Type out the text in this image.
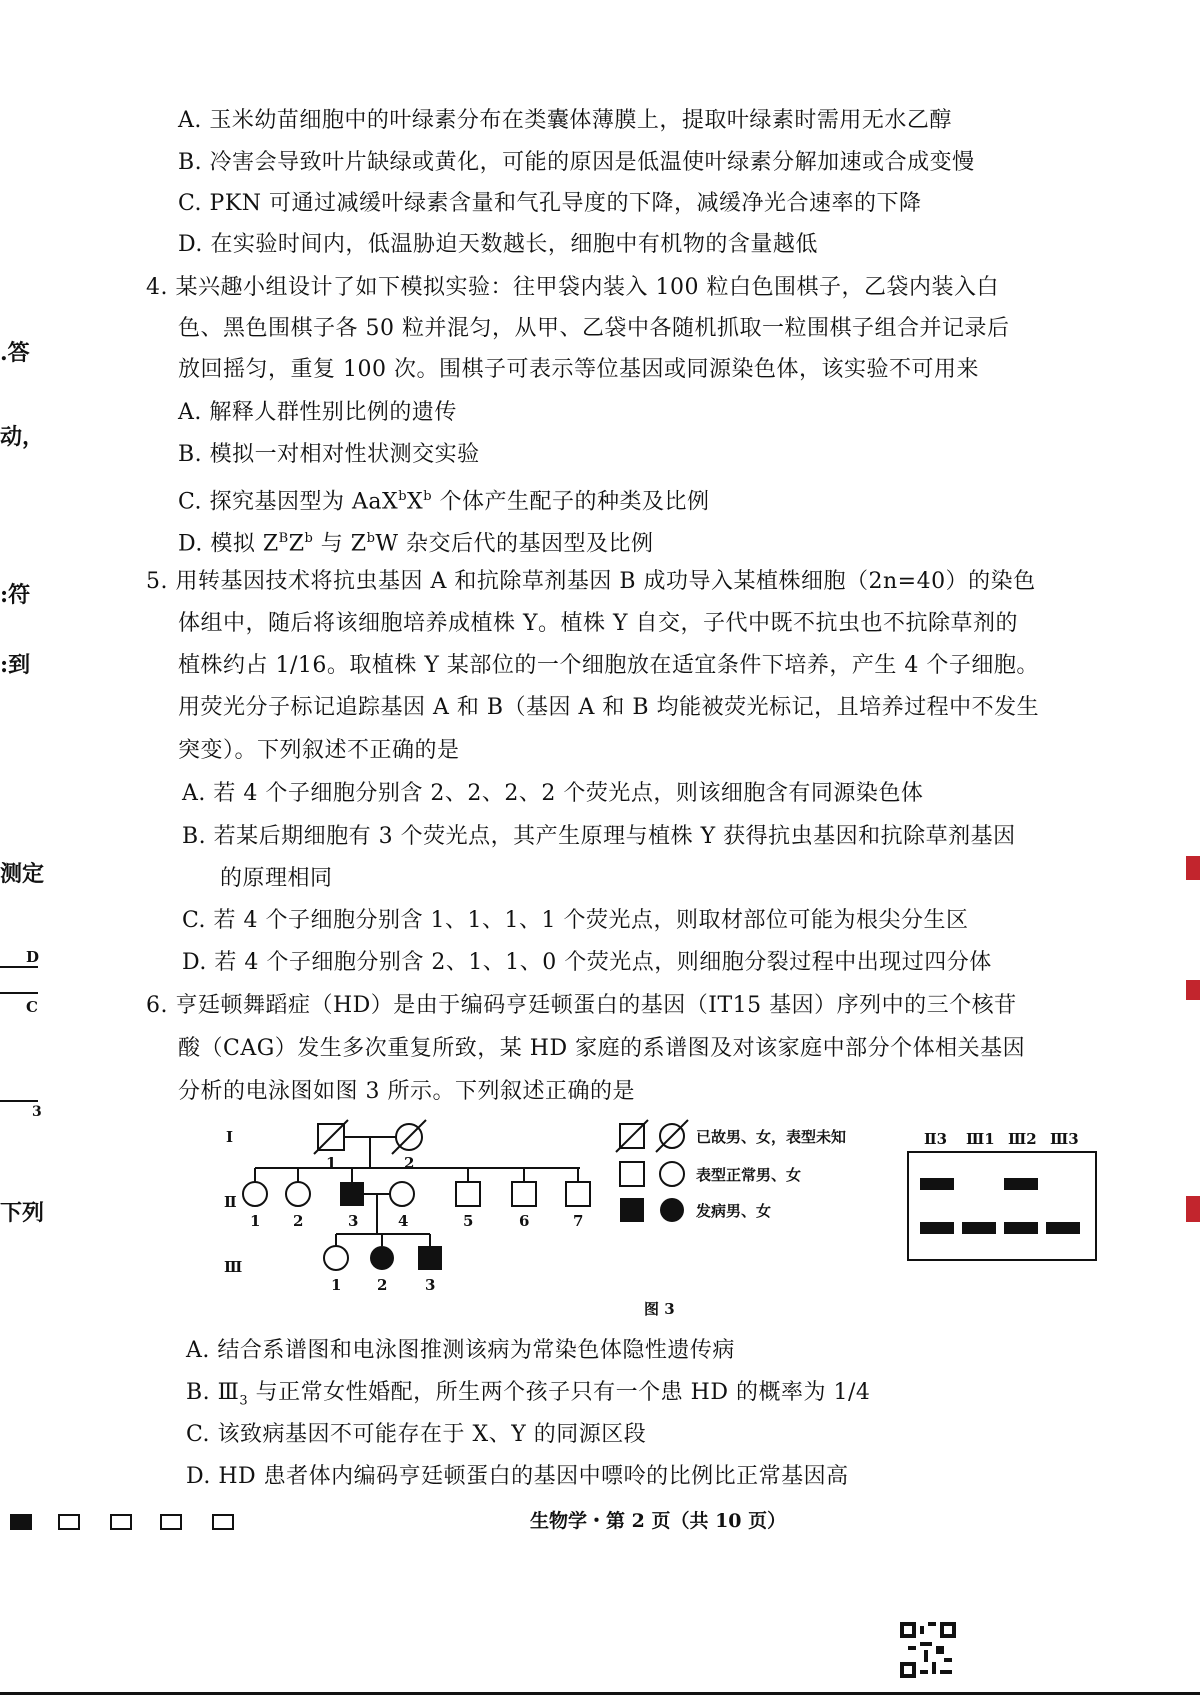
.答
动，
:符
:到
测定
下列
D
C
3
A. 玉米幼苗细胞中的叶绿素分布在类囊体薄膜上，提取叶绿素时需用无水乙醇
B. 冷害会导致叶片缺绿或黄化，可能的原因是低温使叶绿素分解加速或合成变慢
C. PKN 可通过减缓叶绿素含量和气孔导度的下降，减缓净光合速率的下降
D. 在实验时间内，低温胁迫天数越长，细胞中有机物的含量越低
4. 某兴趣小组设计了如下模拟实验：往甲袋内装入 100 粒白色围棋子，乙袋内装入白
色、黑色围棋子各 50 粒并混匀，从甲、乙袋中各随机抓取一粒围棋子组合并记录后
放回摇匀，重复 100 次。围棋子可表示等位基因或同源染色体，该实验不可用来
A. 解释人群性别比例的遗传
B. 模拟一对相对性状测交实验
C. 探究基因型为 $AaX^bX^b$ 个体产生配子的种类及比例
D. 模拟 $Z^BZ^b$ 与 $Z^bW$ 杂交后代的基因型及比例
5. 用转基因技术将抗虫基因 A 和抗除草剂基因 B 成功导入某植株细胞（2n=40）的染色
体组中，随后将该细胞培养成植株 Y。植株 Y 自交，子代中既不抗虫也不抗除草剂的
植株约占 1/16。取植株 Y 某部位的一个细胞放在适宜条件下培养，产生 4 个子细胞。
用荧光分子标记追踪基因 A 和 B（基因 A 和 B 均能被荧光标记，且培养过程中不发生
突变）。下列叙述不正确的是
A. 若 4 个子细胞分别含 2、2、2、2 个荧光点，则该细胞含有同源染色体
B. 若某后期细胞有 3 个荧光点，其产生原理与植株 Y 获得抗虫基因和抗除草剂基因
的原理相同
C. 若 4 个子细胞分别含 1、1、1、1 个荧光点，则取材部位可能为根尖分生区
D. 若 4 个子细胞分别含 2、1、1、0 个荧光点，则细胞分裂过程中出现过四分体
6. 亨廷顿舞蹈症（HD）是由于编码亨廷顿蛋白的基因（IT15 基因）序列中的三个核苷
酸（CAG）发生多次重复所致，某 HD 家庭的系谱图及对该家庭中部分个体相关基因
分析的电泳图如图 3 所示。下列叙述正确的是
I
Ⅱ
Ⅲ
1	2
1 2	3	4	5	6	7
1 2	3
已故男、女，表型未知
表型正常男、女
发病男、女
图 3
Ⅱ3 Ⅲ1 Ⅲ2 Ⅲ3
A. 结合系谱图和电泳图推测该病为常染色体隐性遗传病
B. $Ⅲ_3$ 与正常女性婚配，所生两个孩子只有一个患 HD 的概率为 1/4
C. 该致病基因不可能存在于 X、Y 的同源区段
D. HD 患者体内编码亨廷顿蛋白的基因中嘌呤的比例比正常基因高
生物学・第 2 页（共 10 页）
